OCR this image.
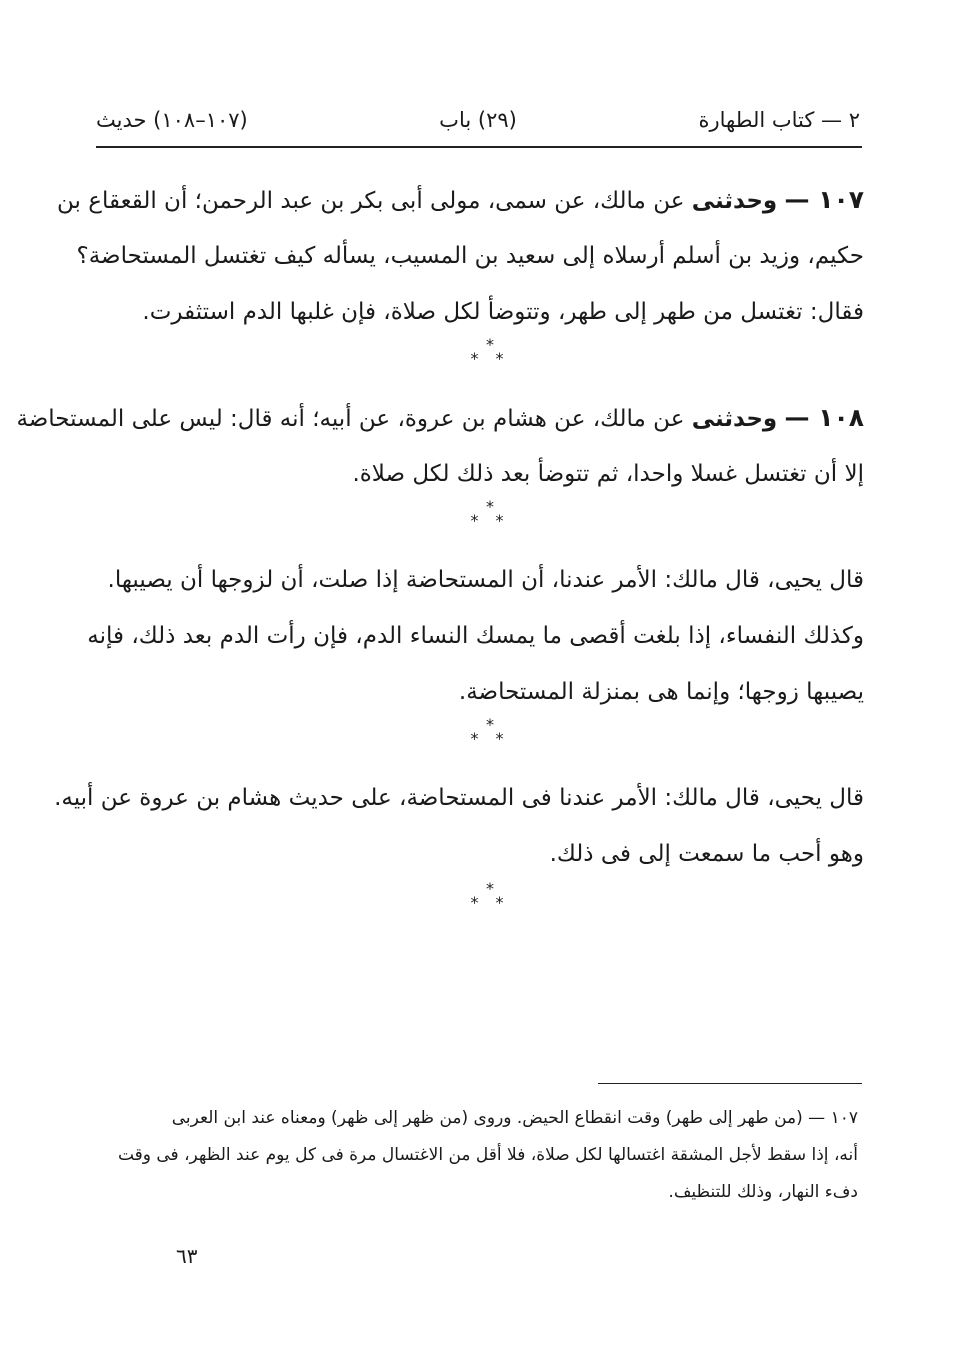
٢ — كتاب الطهارة
(٢٩) باب
(١٠٧–١٠٨) حديث
١٠٧ — وحدثنى عن مالك، عن سمى، مولى أبى بكر بن عبد الرحمن؛ أن القعقاع بن
حكيم، وزيد بن أسلم أرسلاه إلى سعيد بن المسيب، يسأله كيف تغتسل المستحاضة؟
فقال: تغتسل من طهر إلى طهر، وتتوضأ لكل صلاة، فإن غلبها الدم استثفرت.
*
* *
١٠٨ — وحدثنى عن مالك، عن هشام بن عروة، عن أبيه؛ أنه قال: ليس على المستحاضة
إلا أن تغتسل غسلا واحدا، ثم تتوضأ بعد ذلك لكل صلاة.
*
* *
قال يحيى، قال مالك: الأمر عندنا، أن المستحاضة إذا صلت، أن لزوجها أن يصيبها.
وكذلك النفساء، إذا بلغت أقصى ما يمسك النساء الدم، فإن رأت الدم بعد ذلك، فإنه
يصيبها زوجها؛ وإنما هى بمنزلة المستحاضة.
*
* *
قال يحيى، قال مالك: الأمر عندنا فى المستحاضة، على حديث هشام بن عروة عن أبيه.
وهو أحب ما سمعت إلى فى ذلك.
*
* *
١٠٧ — (من طهر إلى طهر) وقت انقطاع الحيض. وروى (من ظهر إلى ظهر) ومعناه عند ابن العربى
أنه، إذا سقط لأجل المشقة اغتسالها لكل صلاة، فلا أقل من الاغتسال مرة فى كل يوم عند الظهر، فى وقت
دفء النهار، وذلك للتنظيف.
٦٣
